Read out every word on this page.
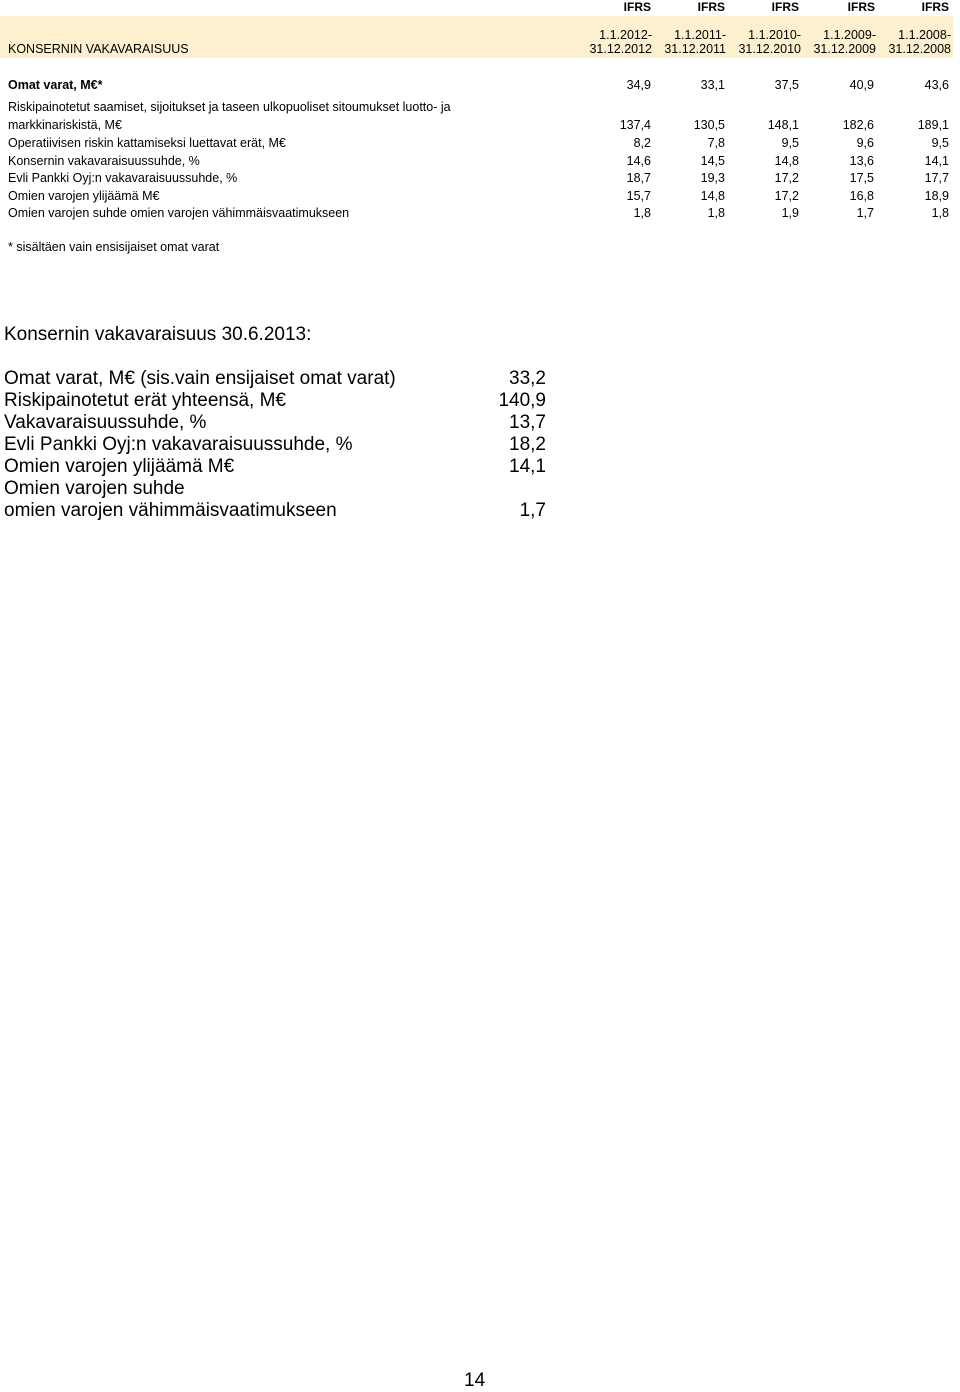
IFRS	IFRS	IFRS	IFRS	IFRS
1.1.2012-	1.1.2011-	1.1.2010-	1.1.2009-	1.1.2008-
KONSERNIN VAKAVARAISUUS	31.12.2012 31.12.2011 31.12.2010 31.12.2009 31.12.2008
Omat varat, M€*	34,9	33,1	37,5	40,9	43,6
Riskipainotetut saamiset, sijoitukset ja taseen ulkopuoliset sitoumukset luotto- ja
markkinariskistä, M€	137,4	130,5	148,1	182,6	189,1
Operatiivisen riskin kattamiseksi luettavat erät, M€	8,2	7,8	9,5	9,6	9,5
Konsernin vakavaraisuussuhde, %	14,6	14,5	14,8	13,6	14,1
Evli Pankki Oyj:n vakavaraisuussuhde, %	18,7	19,3	17,2	17,5	17,7
Omien varojen ylijäämä M€	15,7	14,8	17,2	16,8	18,9
Omien varojen suhde omien varojen vähimmäisvaatimukseen	1,8	1,8	1,9	1,7	1,8
* sisältäen vain ensisijaiset omat varat
Konsernin vakavaraisuus 30.6.2013:
Omat varat, M€ (sis.vain ensijaiset omat varat)	33,2
Riskipainotetut erät yhteensä, M€	140,9
Vakavaraisuussuhde, %	13,7
Evli Pankki Oyj:n vakavaraisuussuhde, %	18,2
Omien varojen ylijäämä M€	14,1
Omien varojen suhde
omien varojen vähimmäisvaatimukseen	1,7
14
